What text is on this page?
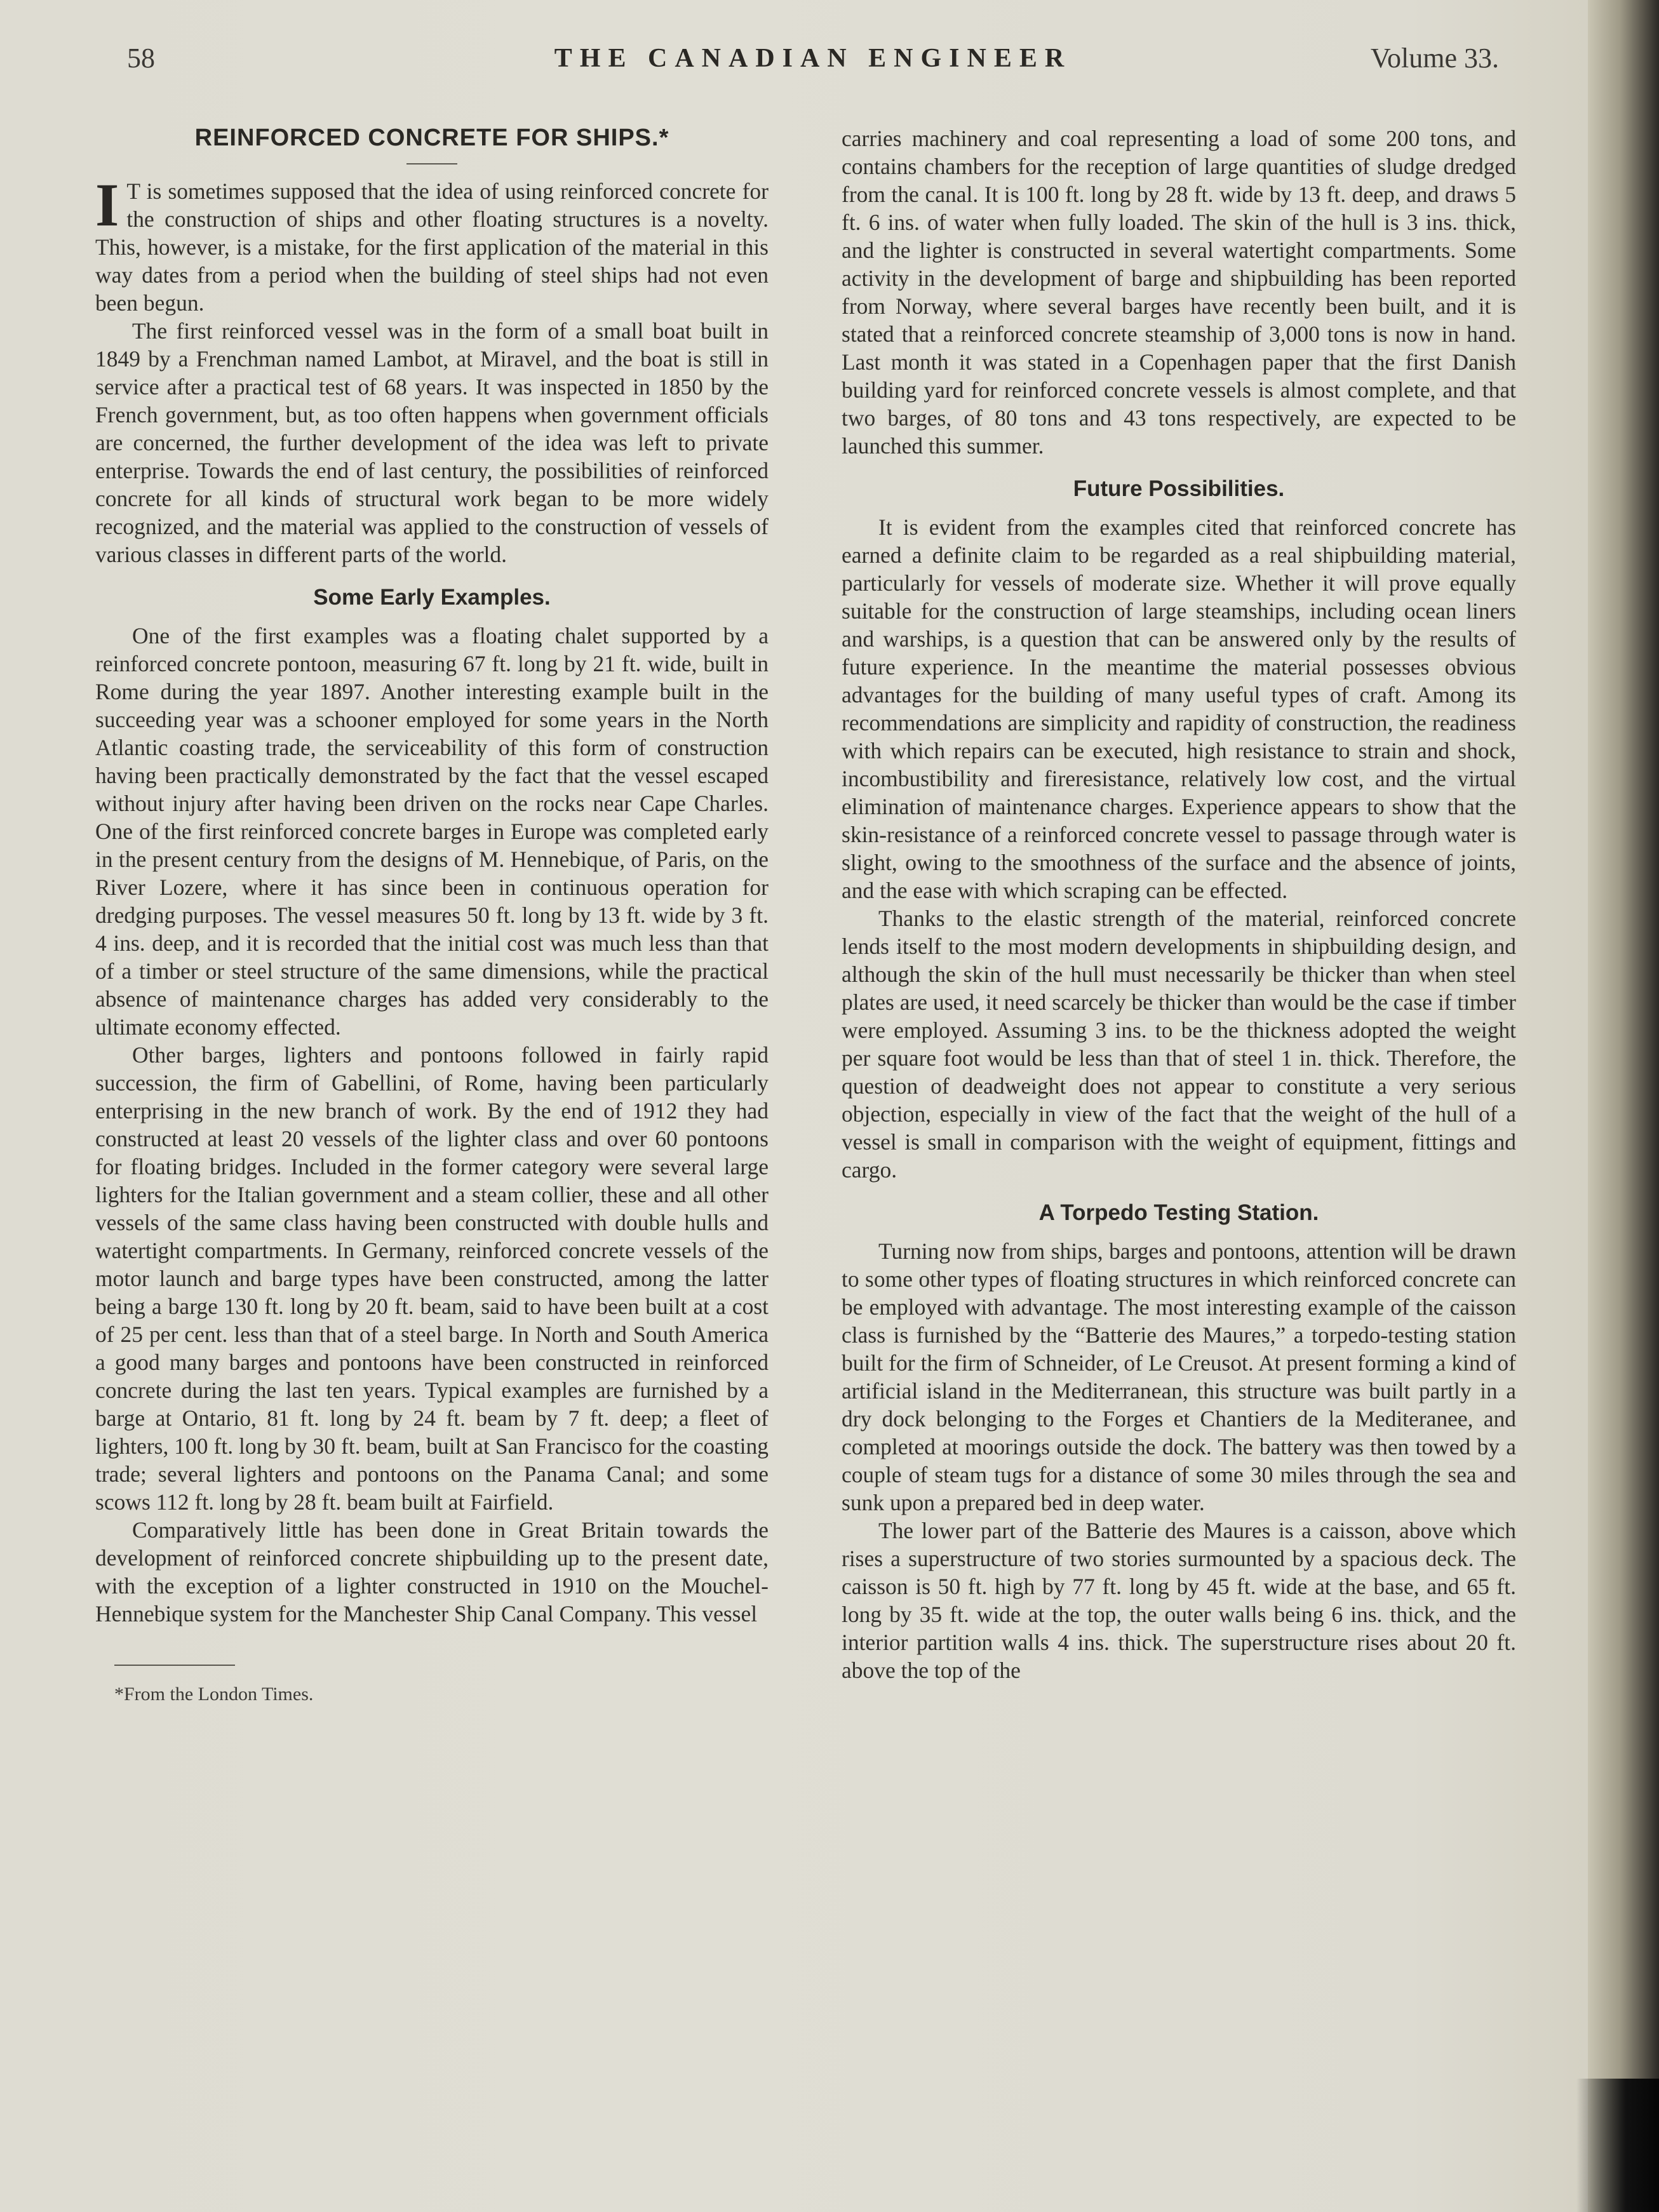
58	THE CANADIAN ENGINEER	Volume 33.
REINFORCED CONCRETE FOR SHIPS.*

I T is sometimes supposed that the idea of using reinforced concrete for the construction of ships and other floating structures is a novelty. This, however, is a mistake, for the first application of the material in this way dates from a period when the building of steel ships had not even been begun.

The first reinforced vessel was in the form of a small boat built in 1849 by a Frenchman named Lambot, at Miravel, and the boat is still in service after a practical test of 68 years. It was inspected in 1850 by the French government, but, as too often happens when government officials are concerned, the further development of the idea was left to private enterprise. Towards the end of last century, the possibilities of reinforced concrete for all kinds of structural work began to be more widely recognized, and the material was applied to the construction of vessels of various classes in different parts of the world.

Some Early Examples.

One of the first examples was a floating chalet supported by a reinforced concrete pontoon, measuring 67 ft. long by 21 ft. wide, built in Rome during the year 1897. Another interesting example built in the succeeding year was a schooner employed for some years in the North Atlantic coasting trade, the serviceability of this form of construction having been practically demonstrated by the fact that the vessel escaped without injury after having been driven on the rocks near Cape Charles. One of the first reinforced concrete barges in Europe was completed early in the present century from the designs of M. Hennebique, of Paris, on the River Lozere, where it has since been in continuous operation for dredging purposes. The vessel measures 50 ft. long by 13 ft. wide by 3 ft. 4 ins. deep, and it is recorded that the initial cost was much less than that of a timber or steel structure of the same dimensions, while the practical absence of maintenance charges has added very considerably to the ultimate economy effected.

Other barges, lighters and pontoons followed in fairly rapid succession, the firm of Gabellini, of Rome, having been particularly enterprising in the new branch of work. By the end of 1912 they had constructed at least 20 vessels of the lighter class and over 60 pontoons for floating bridges. Included in the former category were several large lighters for the Italian government and a steam collier, these and all other vessels of the same class having been constructed with double hulls and watertight compartments. In Germany, reinforced concrete vessels of the motor launch and barge types have been constructed, among the latter being a barge 130 ft. long by 20 ft. beam, said to have been built at a cost of 25 per cent. less than that of a steel barge. In North and South America a good many barges and pontoons have been constructed in reinforced concrete during the last ten years. Typical examples are furnished by a barge at Ontario, 81 ft. long by 24 ft. beam by 7 ft. deep; a fleet of lighters, 100 ft. long by 30 ft. beam, built at San Francisco for the coasting trade; several lighters and pontoons on the Panama Canal; and some scows 112 ft. long by 28 ft. beam built at Fairfield.

Comparatively little has been done in Great Britain towards the development of reinforced concrete shipbuilding up to the present date, with the exception of a lighter constructed in 1910 on the Mouchel-Hennebique system for the Manchester Ship Canal Company. This vessel

*From the London Times.

carries machinery and coal representing a load of some 200 tons, and contains chambers for the reception of large quantities of sludge dredged from the canal. It is 100 ft. long by 28 ft. wide by 13 ft. deep, and draws 5 ft. 6 ins. of water when fully loaded. The skin of the hull is 3 ins. thick, and the lighter is constructed in several watertight compartments. Some activity in the development of barge and shipbuilding has been reported from Norway, where several barges have recently been built, and it is stated that a reinforced concrete steamship of 3,000 tons is now in hand. Last month it was stated in a Copenhagen paper that the first Danish building yard for reinforced concrete vessels is almost complete, and that two barges, of 80 tons and 43 tons respectively, are expected to be launched this summer.

Future Possibilities.

It is evident from the examples cited that reinforced concrete has earned a definite claim to be regarded as a real shipbuilding material, particularly for vessels of moderate size. Whether it will prove equally suitable for the construction of large steamships, including ocean liners and warships, is a question that can be answered only by the results of future experience. In the meantime the material possesses obvious advantages for the building of many useful types of craft. Among its recommendations are simplicity and rapidity of construction, the readiness with which repairs can be executed, high resistance to strain and shock, incombustibility and fireresistance, relatively low cost, and the virtual elimination of maintenance charges. Experience appears to show that the skin-resistance of a reinforced concrete vessel to passage through water is slight, owing to the smoothness of the surface and the absence of joints, and the ease with which scraping can be effected.

Thanks to the elastic strength of the material, reinforced concrete lends itself to the most modern developments in shipbuilding design, and although the skin of the hull must necessarily be thicker than when steel plates are used, it need scarcely be thicker than would be the case if timber were employed. Assuming 3 ins. to be the thickness adopted the weight per square foot would be less than that of steel 1 in. thick. Therefore, the question of deadweight does not appear to constitute a very serious objection, especially in view of the fact that the weight of the hull of a vessel is small in comparison with the weight of equipment, fittings and cargo.

A Torpedo Testing Station.

Turning now from ships, barges and pontoons, attention will be drawn to some other types of floating structures in which reinforced concrete can be employed with advantage. The most interesting example of the caisson class is furnished by the “Batterie des Maures,” a torpedo-testing station built for the firm of Schneider, of Le Creusot. At present forming a kind of artificial island in the Mediterranean, this structure was built partly in a dry dock belonging to the Forges et Chantiers de la Mediteranee, and completed at moorings outside the dock. The battery was then towed by a couple of steam tugs for a distance of some 30 miles through the sea and sunk upon a prepared bed in deep water.

The lower part of the Batterie des Maures is a caisson, above which rises a superstructure of two stories surmounted by a spacious deck. The caisson is 50 ft. high by 77 ft. long by 45 ft. wide at the base, and 65 ft. long by 35 ft. wide at the top, the outer walls being 6 ins. thick, and the interior partition walls 4 ins. thick. The superstructure rises about 20 ft. above the top of the
